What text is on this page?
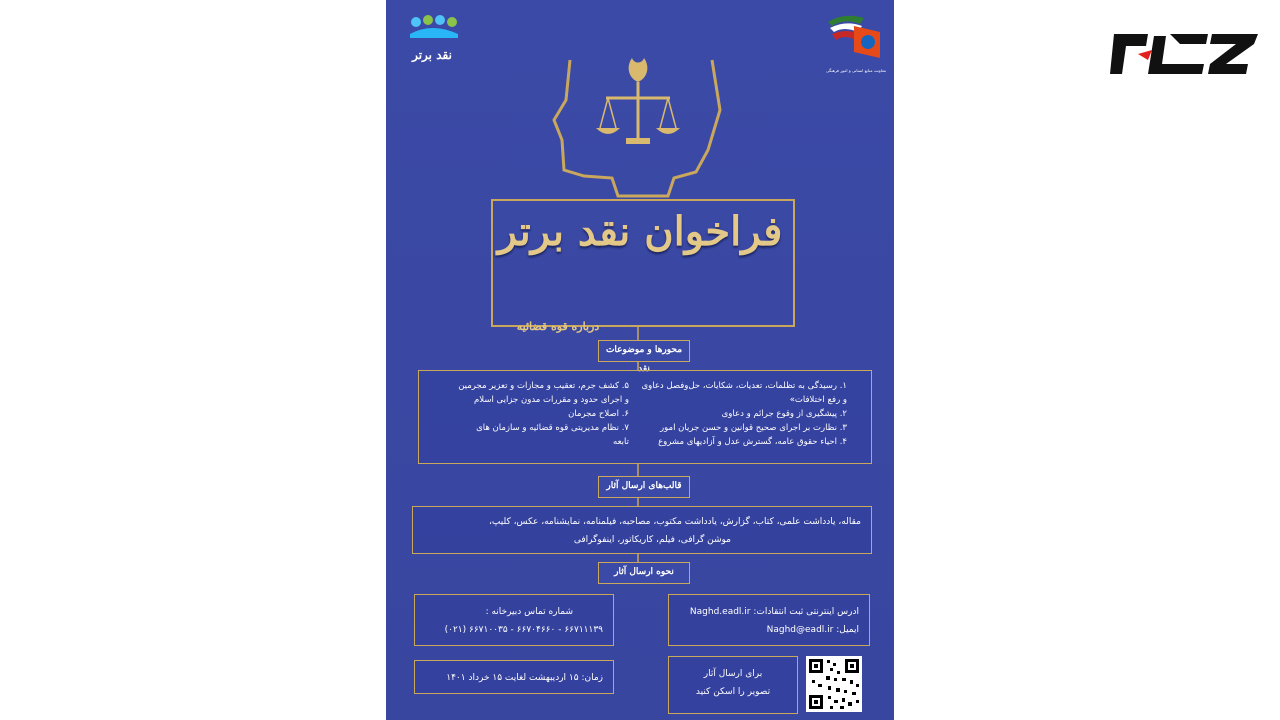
نقد برتر
معاونت منابع انسانی و امور فرهنگی
فراخوان نقد برتر
درباره قوه قضائیه
محورها و موضوعات نقد
۱. رسیدگی به تظلمات، تعدیات، شکایات، حل‌وفصل دعاوی
و رفع اختلافات»
۲. پیشگیری از وقوع جرائم و دعاوی
۳. نظارت بر اجرای صحیح قوانین و حسن جریان امور
۴. احیاء حقوق عامه، گسترش عدل و آزادیهای مشروع
۵. کشف جرم، تعقیب و مجازات و تعزیر مجرمین
و اجرای حدود و مقررات مدون جزایی اسلام
۶. اصلاح مجرمان
۷. نظام مدیریتی قوه قضائیه و سازمان های
تابعه
قالب‌های ارسال آثار
مقاله، یادداشت علمی، کتاب، گزارش، یادداشت مکتوب، مصاحبه، فیلمنامه، نمایشنامه، عکس، کلیپ،
موشن گرافی، فیلم، کاریکاتور، اینفوگرافی
نحوه ارسال آثار
ادرس اینترنتی ثبت انتقادات: Naghd.eadl.ir
ایمیل: Naghd@eadl.ir
شماره تماس دبیرخانه :
۶۶۷۱۱۱۳۹ - ۶۶۷۰۴۶۶۰ - ۶۶۷۱۰۰۳۵ (۰۲۱)
برای ارسال آثار
تصویر را اسکن کنید
زمان: ۱۵ اردیبهشت لغایت ۱۵ خرداد ۱۴۰۱
